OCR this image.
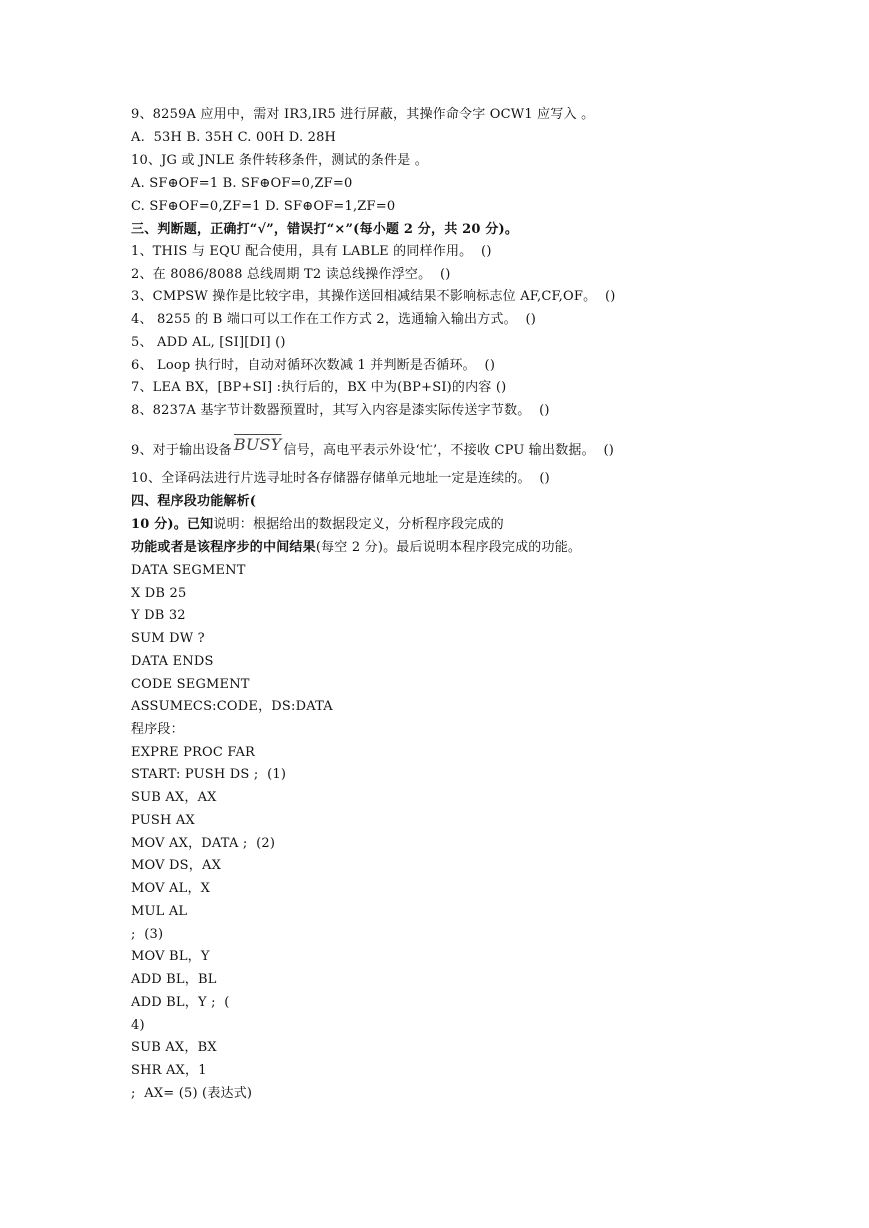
9、8259A 应用中，需对 IR3,IR5 进行屏蔽，其操作命令字 OCW1 应写入 。
A.  53H B. 35H C. 00H D. 28H
10、JG 或 JNLE 条件转移条件，测试的条件是 。
A. SF⊕OF=1 B. SF⊕OF=0,ZF=0
C. SF⊕OF=0,ZF=1 D. SF⊕OF=1,ZF=0
三、判断题，正确打“√”，错误打“×”(每小题 2 分，共 20 分)。
1、THIS 与 EQU 配合使用，具有 LABLE 的同样作用。  ()
2、在 8086/8088 总线周期 T2 读总线操作浮空。  ()
3、CMPSW 操作是比较字串，其操作送回相减结果不影响标志位 AF,CF,OF。  ()
4、 8255 的 B 端口可以工作在工作方式 2，选通输入输出方式。  ()
5、 ADD AL, [SI][DI] ()
6、 Loop 执行时，自动对循环次数减 1 并判断是否循环。  ()
7、LEA BX，[BP+SI] :执行后的，BX 中为(BP+SI)的内容 ()
8、8237A 基字节计数器预置时，其写入内容是漆实际传送字节数。  ()
9、对于输出设备 BUSY 信号，高电平表示外设‘忙’，不接收 CPU 输出数据。  ()
10、全译码法进行片选寻址时各存储器存储单元地址一定是连续的。  ()
四、程序段功能解析(
10 分)。已知说明：根据给出的数据段定义，分析程序段完成的
功能或者是该程序步的中间结果(每空 2 分)。最后说明本程序段完成的功能。
DATA SEGMENT
X DB 25
Y DB 32
SUM DW ?
DATA ENDS
CODE SEGMENT
ASSUMECS:CODE，DS:DATA
程序段：
EXPRE PROC FAR
START: PUSH DS ;  (1)
SUB AX，AX
PUSH AX
MOV AX，DATA ;  (2)
MOV DS，AX
MOV AL，X
MUL AL
;  (3)
MOV BL，Y
ADD BL，BL
ADD BL，Y ;  (
4)
SUB AX，BX
SHR AX，1
;  AX= (5) (表达式)
